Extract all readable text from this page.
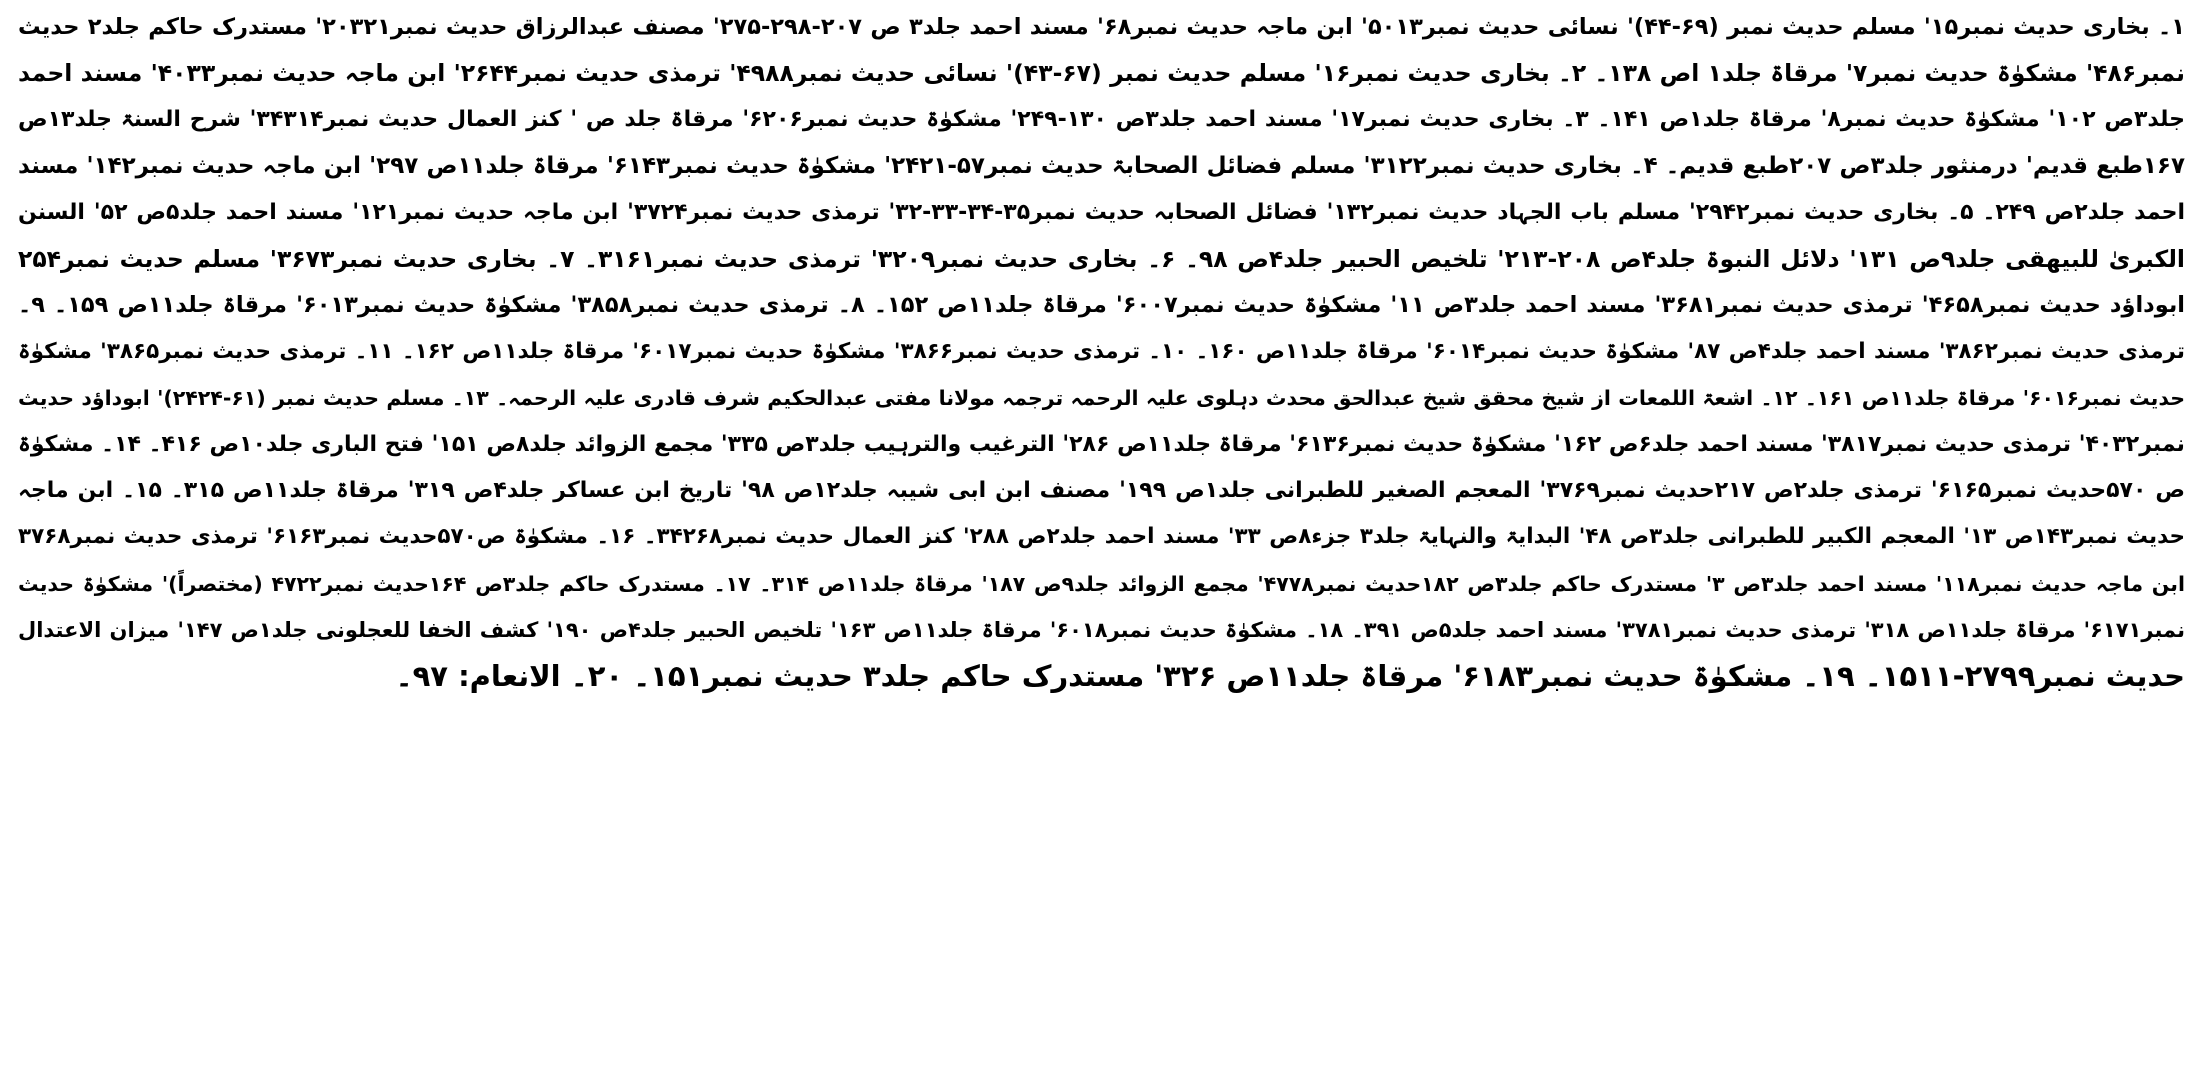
۱۔ بخاری حدیث نمبر۱۵' مسلم حدیث نمبر (۶۹-۴۴)' نسائی حدیث نمبر۵۰۱۳' ابن ماجہ حدیث نمبر۶۸' مسند احمد جلد۳ ص ۲۰۷-۲۹۸-۲۷۵' مصنف عبدالرزاق حدیث نمبر۲۰۳۲۱' مستدرک حاکم جلد۲ حدیث
نمبر۴۸۶' مشکوٰۃ حدیث نمبر۷' مرقاۃ جلد۱ اص ۱۳۸۔ ۲۔ بخاری حدیث نمبر۱۶' مسلم حدیث نمبر (۶۷-۴۳)' نسائی حدیث نمبر۴۹۸۸' ترمذی حدیث نمبر۲۶۴۴' ابن ماجہ حدیث نمبر۴۰۳۳' مسند احمد
جلد۳ص ۱۰۲' مشکوٰۃ حدیث نمبر۸' مرقاۃ جلد۱ص ۱۴۱۔ ۳۔ بخاری حدیث نمبر۱۷' مسند احمد جلد۳ص ۱۳۰-۲۴۹' مشکوٰۃ حدیث نمبر۶۲۰۶' مرقاۃ جلد ص ' کنز العمال حدیث نمبر۳۴۳۱۴' شرح السنۃ جلد۱۳ص
۱۶۷طبع قدیم' درمنثور جلد۳ص ۲۰۷طبع قدیم۔ ۴۔ بخاری حدیث نمبر۳۱۲۲' مسلم فضائل الصحابۃ حدیث نمبر۵۷-۲۴۲۱' مشکوٰۃ حدیث نمبر۶۱۴۳' مرقاۃ جلد۱۱ص ۲۹۷' ابن ماجہ حدیث نمبر۱۴۲' مسند
احمد جلد۲ص ۲۴۹۔ ۵۔ بخاری حدیث نمبر۲۹۴۲' مسلم باب الجہاد حدیث نمبر۱۳۲' فضائل الصحابہ حدیث نمبر۳۵-۳۴-۳۳-۳۲' ترمذی حدیث نمبر۳۷۲۴' ابن ماجہ حدیث نمبر۱۲۱' مسند احمد جلد۵ص ۵۲' السنن
الکبریٰ للبیھقی جلد۹ص ۱۳۱' دلائل النبوۃ جلد۴ص ۲۰۸-۲۱۳' تلخیص الحبیر جلد۴ص ۹۸۔ ۶۔ بخاری حدیث نمبر۳۲۰۹' ترمذی حدیث نمبر۳۱۶۱۔ ۷۔ بخاری حدیث نمبر۳۶۷۳' مسلم حدیث نمبر۲۵۴
ابوداؤد حدیث نمبر۴۶۵۸' ترمذی حدیث نمبر۳۶۸۱' مسند احمد جلد۳ص ۱۱' مشکوٰۃ حدیث نمبر۶۰۰۷' مرقاۃ جلد۱۱ص ۱۵۲۔ ۸۔ ترمذی حدیث نمبر۳۸۵۸' مشکوٰۃ حدیث نمبر۶۰۱۳' مرقاۃ جلد۱۱ص ۱۵۹۔ ۹۔
ترمذی حدیث نمبر۳۸۶۲' مسند احمد جلد۴ص ۸۷' مشکوٰۃ حدیث نمبر۶۰۱۴' مرقاۃ جلد۱۱ص ۱۶۰۔ ۱۰۔ ترمذی حدیث نمبر۳۸۶۶' مشکوٰۃ حدیث نمبر۶۰۱۷' مرقاۃ جلد۱۱ص ۱۶۲۔ ۱۱۔ ترمذی حدیث نمبر۳۸۶۵' مشکوٰۃ
حدیث نمبر۶۰۱۶' مرقاۃ جلد۱۱ص ۱۶۱۔ ۱۲۔ اشعۃ اللمعات از شیخ محقق شیخ عبدالحق محدث دہلوی علیہ الرحمہ ترجمہ مولانا مفتی عبدالحکیم شرف قادری علیہ الرحمہ۔ ۱۳۔ مسلم حدیث نمبر (۶۱-۲۴۲۴)' ابوداؤد حدیث
نمبر۴۰۳۲' ترمذی حدیث نمبر۳۸۱۷' مسند احمد جلد۶ص ۱۶۲' مشکوٰۃ حدیث نمبر۶۱۳۶' مرقاۃ جلد۱۱ص ۲۸۶' الترغیب والترہیب جلد۳ص ۳۳۵' مجمع الزوائد جلد۸ص ۱۵۱' فتح الباری جلد۱۰ص ۴۱۶۔ ۱۴۔ مشکوٰۃ
ص ۵۷۰حدیث نمبر۶۱۶۵' ترمذی جلد۲ص ۲۱۷حدیث نمبر۳۷۶۹' المعجم الصغیر للطبرانی جلد۱ص ۱۹۹' مصنف ابن ابی شیبہ جلد۱۲ص ۹۸' تاریخ ابن عساکر جلد۴ص ۳۱۹' مرقاۃ جلد۱۱ص ۳۱۵۔ ۱۵۔ ابن ماجہ
حدیث نمبر۱۴۳ص ۱۳' المعجم الکبیر للطبرانی جلد۳ص ۴۸' البدایۃ والنہایۃ جلد۳ جزء۸ص ۳۳' مسند احمد جلد۲ص ۲۸۸' کنز العمال حدیث نمبر۳۴۲۶۸۔ ۱۶۔ مشکوٰۃ ص۵۷۰حدیث نمبر۶۱۶۳' ترمذی حدیث نمبر۳۷۶۸
ابن ماجہ حدیث نمبر۱۱۸' مسند احمد جلد۳ص ۳' مستدرک حاکم جلد۳ص ۱۸۲حدیث نمبر۴۷۷۸' مجمع الزوائد جلد۹ص ۱۸۷' مرقاۃ جلد۱۱ص ۳۱۴۔ ۱۷۔ مستدرک حاکم جلد۳ص ۱۶۴حدیث نمبر۴۷۲۲ (مختصراً)' مشکوٰۃ حدیث
نمبر۶۱۷۱' مرقاۃ جلد۱۱ص ۳۱۸' ترمذی حدیث نمبر۳۷۸۱' مسند احمد جلد۵ص ۳۹۱۔ ۱۸۔ مشکوٰۃ حدیث نمبر۶۰۱۸' مرقاۃ جلد۱۱ص ۱۶۳' تلخیص الحبیر جلد۴ص ۱۹۰' کشف الخفا للعجلونی جلد۱ص ۱۴۷' میزان الاعتدال
حدیث نمبر۲۷۹۹-۱۵۱۱۔ ۱۹۔ مشکوٰۃ حدیث نمبر۶۱۸۳' مرقاۃ جلد۱۱ص ۳۲۶' مستدرک حاکم جلد۳ حدیث نمبر۱۵۱۔ ۲۰۔ الانعام: ۹۷۔
